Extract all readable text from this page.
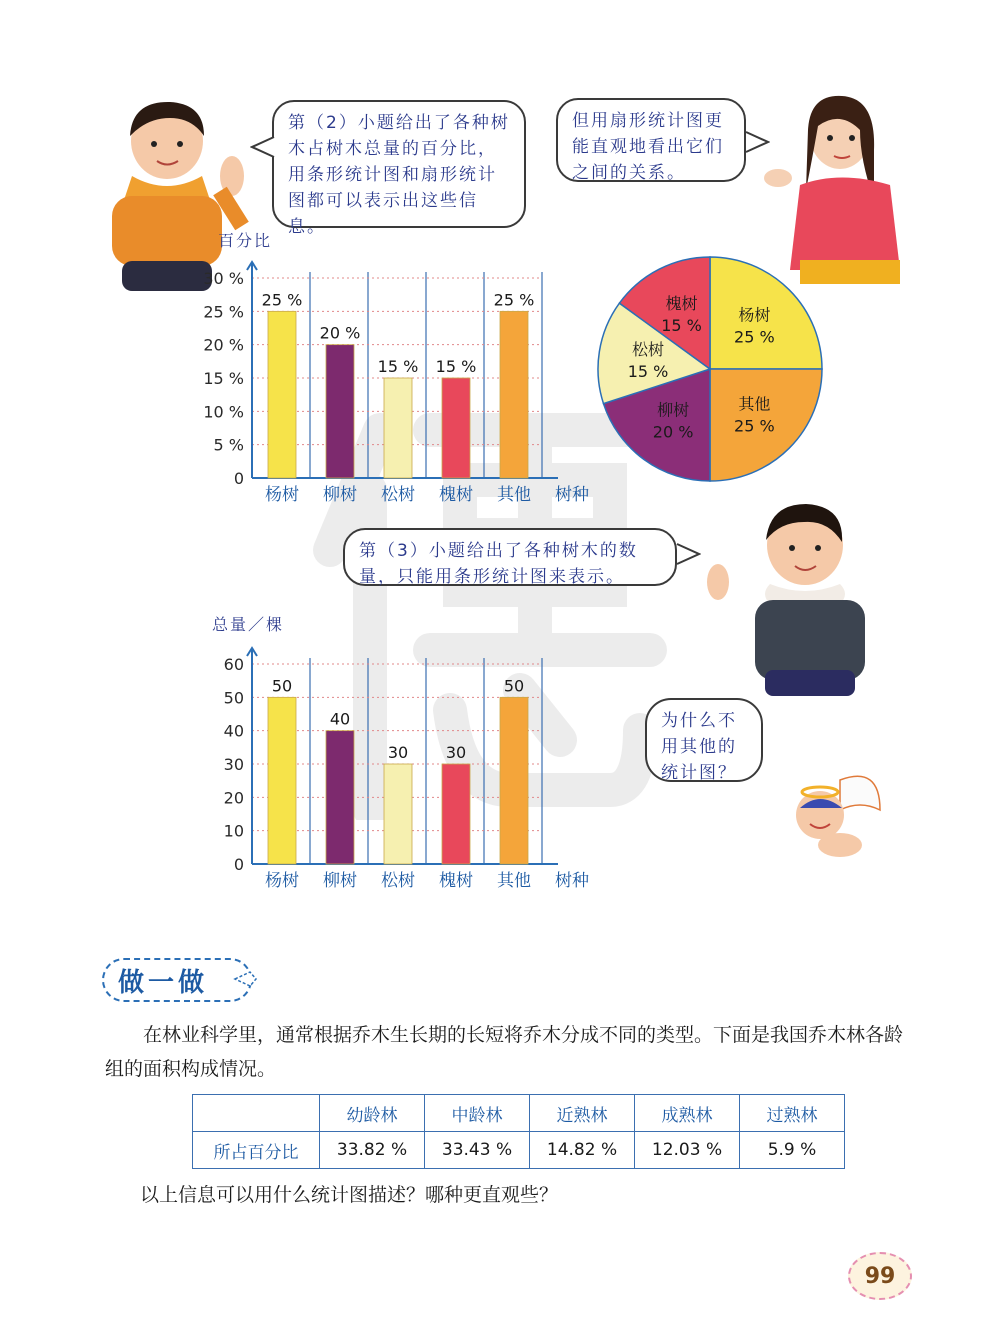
第（2）小题给出了各种树木占树木总量的百分比，用条形统计图和扇形统计图都可以表示出这些信息。
但用扇形统计图更能直观地看出它们之间的关系。
第（3）小题给出了各种树木的数量，只能用条形统计图来表示。
为什么不用其他的统计图？
百分比
0
5 %
10 %
15 %
20 %
25 %
30 %
25 %
杨树
20 %
柳树
15 %
松树
15 %
槐树
25 %
其他 树种
杨树
25 %
其他
25 %
柳树
20 %
松树
15 %
槐树
15 %
总量／棵
0
10
20
30
40
50
60
50
杨树
40
柳树
30
松树
30
槐树
50
其他 树种
做一做
在林业科学里，通常根据乔木生长期的长短将乔木分成不同的类型。下面是我国乔木林各龄组的面积构成情况。
	幼龄林	中龄林	近熟林	成熟林	过熟林
所占百分比	33.82 %	33.43 %	14.82 %	12.03 %	5.9 %
以上信息可以用什么统计图描述？哪种更直观些？
99
